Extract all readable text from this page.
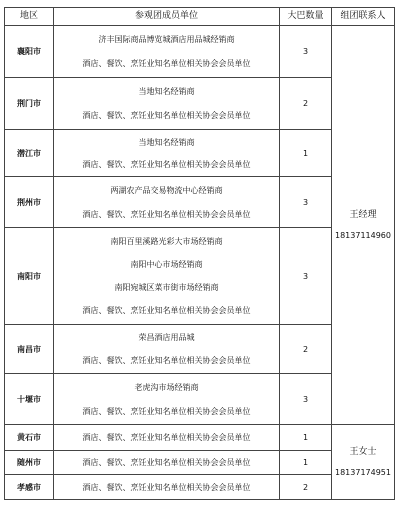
地区	参观团成员单位	大巴数量	组团联系人
襄阳市	济丰国际商品博览城酒店用品城经销商
酒店、餐饮、烹饪业知名单位相关协会会员单位	3	王经理
18137114960

荆门市	当地知名经销商
酒店、餐饮、烹饪业知名单位相关协会会员单位	2	
潜江市	当地知名经销商
酒店、餐饮、烹饪业知名单位相关协会会员单位	1	
荆州市	两湖农产品交易物流中心经销商
酒店、餐饮、烹饪业知名单位相关协会会员单位	3	
南阳市	南阳百里溪路光彩大市场经销商
南阳中心市场经销商
南阳宛城区菜市街市场经销商
酒店、餐饮、烹饪业知名单位相关协会会员单位	3	
南昌市	荣昌酒店用品城
酒店、餐饮、烹饪业知名单位相关协会会员单位	2	
十堰市	老虎沟市场经销商
酒店、餐饮、烹饪业知名单位相关协会会员单位	3	
黄石市	酒店、餐饮、烹饪业知名单位相关协会会员单位	1	王女士
18137174951

随州市	酒店、餐饮、烹饪业知名单位相关协会会员单位	1	
孝感市	酒店、餐饮、烹饪业知名单位相关协会会员单位	2	
